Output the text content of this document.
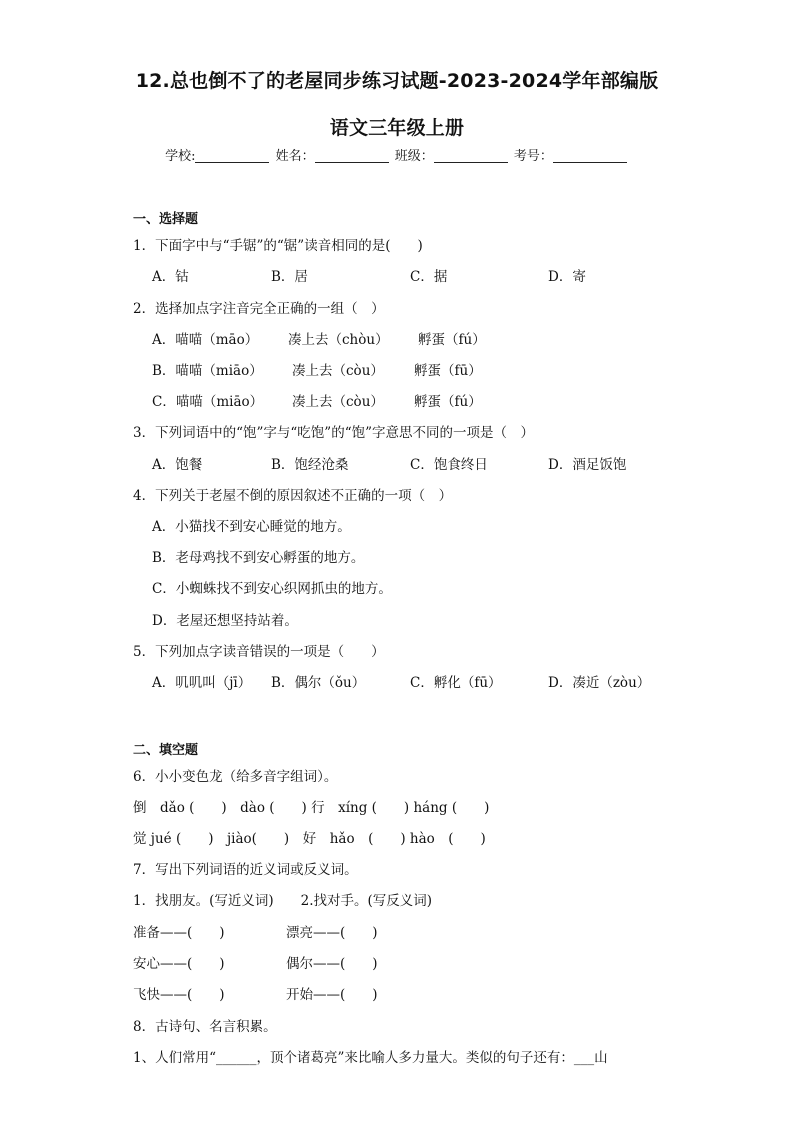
12.总也倒不了的老屋同步练习试题-2023-2024学年部编版
语文三年级上册
学校:	姓名：	班级：	考号：
一、选择题
1．下面字中与“手锯”的“锯”读音相同的是(　　)
A．钴	B．居	C．据	D．寄
2．选择加点字注音完全正确的一组（　）
A．喵喵（māo） 凑上去（chòu） 孵蛋（fú）
B．喵喵（miāo） 凑上去（còu） 孵蛋（fū）
C．喵喵（miāo） 凑上去（còu） 孵蛋（fú）
3．下列词语中的“饱”字与“吃饱”的“饱”字意思不同的一项是（　）
A．饱餐	B．饱经沧桑	C．饱食终日	D．酒足饭饱
4．下列关于老屋不倒的原因叙述不正确的一项（　）
A．小猫找不到安心睡觉的地方。
B．老母鸡找不到安心孵蛋的地方。
C．小蜘蛛找不到安心织网抓虫的地方。
D．老屋还想坚持站着。
5．下列加点字读音错误的一项是（　　）
A．叽叽叫（jī） B．偶尔（ǒu）	C．孵化（fū）	D．凑近（zòu）
二、填空题
6．小小变色龙（给多音字组词）。
倒　dǎo (　　)　dào (　　) 行　xíng (　　) háng (　　)
觉 jué (　　)　jiào(　　)　好　hǎo　(　　) hào　(　　)
7．写出下列词语的近义词或反义词。
1．找朋友。(写近义词)　　2.找对手。(写反义词)
准备——(　　)	漂亮——(　　)
安心——(　　)	偶尔——(　　)
飞快——(　　)	开始——(　　)
8．古诗句、名言积累。
1、人们常用“______，顶个诸葛亮”来比喻人多力量大。类似的句子还有：___山
